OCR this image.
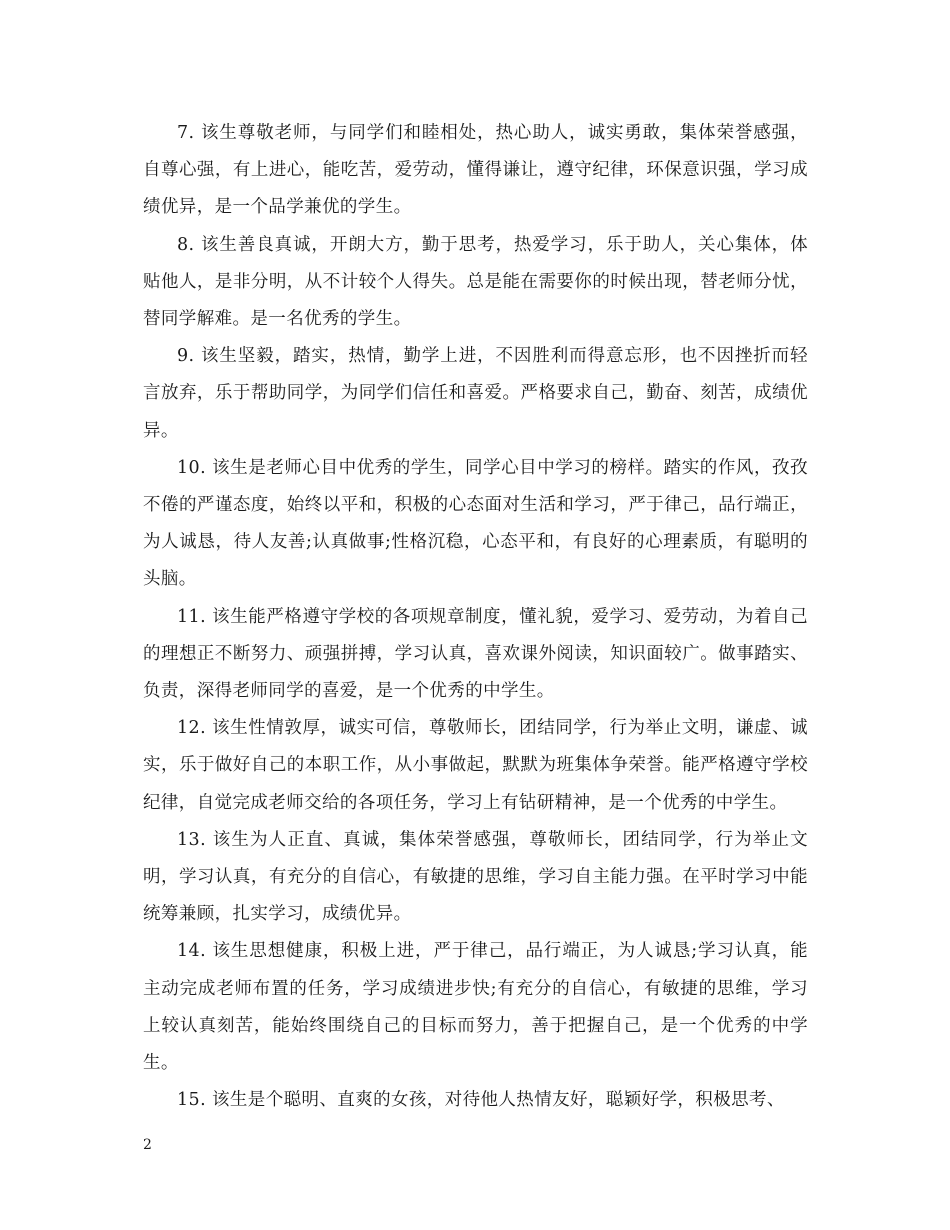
7. 该生尊敬老师，与同学们和睦相处，热心助人，诚实勇敢，集体荣誉感强，自尊心强，有上进心，能吃苦，爱劳动，懂得谦让，遵守纪律，环保意识强，学习成绩优异，是一个品学兼优的学生。

8. 该生善良真诚，开朗大方，勤于思考，热爱学习，乐于助人，关心集体，体贴他人，是非分明，从不计较个人得失。总是能在需要你的时候出现，替老师分忧，替同学解难。是一名优秀的学生。

9. 该生坚毅，踏实，热情，勤学上进，不因胜利而得意忘形，也不因挫折而轻言放弃，乐于帮助同学，为同学们信任和喜爱。严格要求自己，勤奋、刻苦，成绩优异。

10. 该生是老师心目中优秀的学生，同学心目中学习的榜样。踏实的作风，孜孜不倦的严谨态度，始终以平和，积极的心态面对生活和学习，严于律己，品行端正，为人诚恳，待人友善;认真做事;性格沉稳，心态平和，有良好的心理素质，有聪明的头脑。

11. 该生能严格遵守学校的各项规章制度，懂礼貌，爱学习、爱劳动，为着自己的理想正不断努力、顽强拼搏，学习认真，喜欢课外阅读，知识面较广。做事踏实、负责，深得老师同学的喜爱，是一个优秀的中学生。

12. 该生性情敦厚，诚实可信，尊敬师长，团结同学，行为举止文明，谦虚、诚实，乐于做好自己的本职工作，从小事做起，默默为班集体争荣誉。能严格遵守学校纪律，自觉完成老师交给的各项任务，学习上有钻研精神，是一个优秀的中学生。

13. 该生为人正直、真诚，集体荣誉感强，尊敬师长，团结同学，行为举止文明，学习认真，有充分的自信心，有敏捷的思维，学习自主能力强。在平时学习中能统筹兼顾，扎实学习，成绩优异。

14. 该生思想健康，积极上进，严于律己，品行端正，为人诚恳;学习认真，能主动完成老师布置的任务，学习成绩进步快;有充分的自信心，有敏捷的思维，学习上较认真刻苦，能始终围绕自己的目标而努力，善于把握自己，是一个优秀的中学生。

15. 该生是个聪明、直爽的女孩，对待他人热情友好，聪颖好学，积极思考、

2
